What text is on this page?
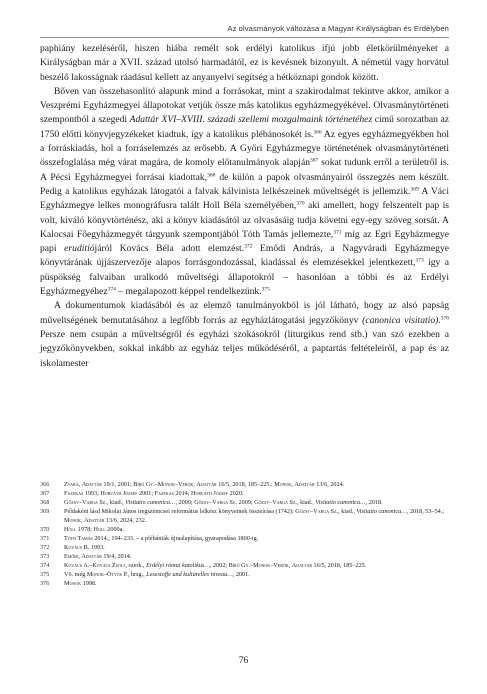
Az olvasmányok változása a Magyar Királyságban és Erdélyben

paphiány kezeléséről, hiszen hiába remélt sok erdélyi katolikus ifjú jobb életkörülményeket a Királyságban már a XVII. század utolsó harmadától, ez is kevésnek bizonyult. A németül vagy horvátul beszélő lakosságnak ráadásul kellett az anyanyelvi segítség a hétköznapi gondok között.

Bőven van összehasonlító alapunk mind a forrásokat, mint a szakirodalmat tekintve akkor, amikor a Veszprémi Egyházmegyei állapotokat vetjük össze más katolikus egyházmegyékével. Olvasmánytörténeti szempontból a szegedi Adattár XVI–XVIII. századi szellemi mozgalmaink történetéhez című sorozatban az 1750 előtti könyvjegyzékeket kiadtuk, így a katolikus plébánosokét is.$^{366}$ Az egyes egyházmegyékben hol a forráskiadás, hol a forráselemzés az erősebb. A Győri Egyházmegye történetének olvasmánytörténeti összefoglalása még várat magára, de komoly előtanulmányok alapján$^{367}$ sokat tudunk erről a területről is. A Pécsi Egyházmegyei forrásai kiadottak,$^{368}$ de külön a papok olvasmányairól összegzés nem készült. Pedig a katolikus egyházak látogatói a falvak kálvinista lelkészeinek műveltségét is jellemzik.$^{369}$ A Váci Egyházmegye lelkes monográfusra talált Holl Béla személyében,$^{370}$ aki amellett, hogy felszentelt pap is volt, kiváló könyvtörténész, aki a könyv kiadásától az olvasásáig tudja követni egy-egy szöveg sorsát. A Kalocsai Főegyházmegyét tárgyunk szempontjából Tóth Tamás jellemezte,$^{371}$ míg az Egri Egyházmegye papi eruditiójáról Kovács Béla adott elemzést.$^{372}$ Emődi András, a Nagyváradi Egyházmegye könyvtárának újjászervezője alapos forrásgondozással, kiadással és elemzésekkel jelentkezett,$^{373}$ így a püspökség falvaiban uralkodó műveltségi állapotokról – hasonlóan a többi és az Erdélyi Egyházmegyéhez$^{374}$ – megalapozott képpel rendelkezünk.$^{375}$

A dokumentumok kiadásából és az elemző tanulmányokból is jól látható, hogy az alsó papság műveltségének bemutatásához a legfőbb forrás az egyházlátogatási jegyzőkönyv (canonica visitatio).$^{376}$ Persze nem csupán a műveltségről és egyházi szokásokról (liturgikus rend stb.) van szó ezekben a jegyzőkönyvekben, sokkal inkább az egyház teljes működéséről, a paptartás feltételeiről, a pap és az iskolamester

366	Zvara, Adattár 19/1, 2001; Bíró Gy.–Monok–Verók, Adattár 16/5, 2018, 185–225.; Monok, Adattár 13/6, 2024.
367	Fazekas 1993; Horváth József 2001; Fazekas 2014; Horváth József 2020.
368	Gőzsy–Varga Sz., kiad., Visitatio canonica…, 2009; Gőzsy–Varga Sz. 2009; Gőzsy–Varga Sz., kiad., Visitatio canonica…, 2018.
369	Példaként lásd Mikolai János iregszemcsei református lelkész könyveinek összeírása (1742): Gőzsy–Varga Sz., kiad., Visitatio canonica…, 2018, 53–54.; Monok, Adattár 13/6, 2024, 232.
370	Holl 1978; Holl 2000a.
371	Tóth Tamás 2014., 194–233. – a plébániák újraalapítása, gyarapodása 1800-ig.
372	Kovács B. 1993.
373	Emődi, Adattár 19/4, 2014.
374	Kovács A.–Kovács Zsolt, szerk., Erdélyi római katolikus…, 2002; Bíró Gy.–Monok–Verók, Adattár 16/5, 2018, 185–225.
375	Vö. még Monok–Ötvös P., hrsg., Lesestoffe und kulturelles niveau…, 2001.
376	Monok 1998.
76
